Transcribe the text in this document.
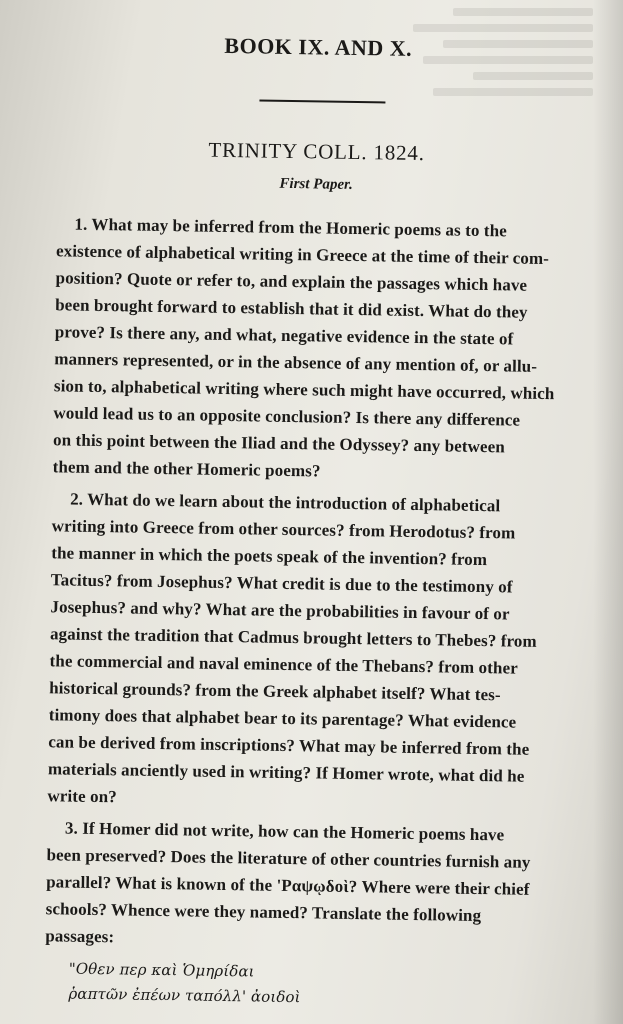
BOOK IX. AND X.
TRINITY COLL. 1824.
First Paper.
1. What may be inferred from the Homeric poems as to the
existence of alphabetical writing in Greece at the time of their com-
position? Quote or refer to, and explain the passages which have
been brought forward to establish that it did exist. What do they
prove? Is there any, and what, negative evidence in the state of
manners represented, or in the absence of any mention of, or allu-
sion to, alphabetical writing where such might have occurred, which
would lead us to an opposite conclusion? Is there any difference
on this point between the Iliad and the Odyssey? any between
them and the other Homeric poems?
2. What do we learn about the introduction of alphabetical
writing into Greece from other sources? from Herodotus? from
the manner in which the poets speak of the invention? from
Tacitus? from Josephus? What credit is due to the testimony of
Josephus? and why? What are the probabilities in favour of or
against the tradition that Cadmus brought letters to Thebes? from
the commercial and naval eminence of the Thebans? from other
historical grounds? from the Greek alphabet itself? What tes-
timony does that alphabet bear to its parentage? What evidence
can be derived from inscriptions? What may be inferred from the
materials anciently used in writing? If Homer wrote, what did he
write on?
3. If Homer did not write, how can the Homeric poems have
been preserved? Does the literature of other countries furnish any
parallel? What is known of the 'Ραψῳδοὶ? Where were their chief
schools? Whence were they named? Translate the following
passages:
"Οθεν περ καὶ Ὁμηρίδαι
ῥαπτῶν ἐπέων ταπόλλ' ἀοιδοὶ
